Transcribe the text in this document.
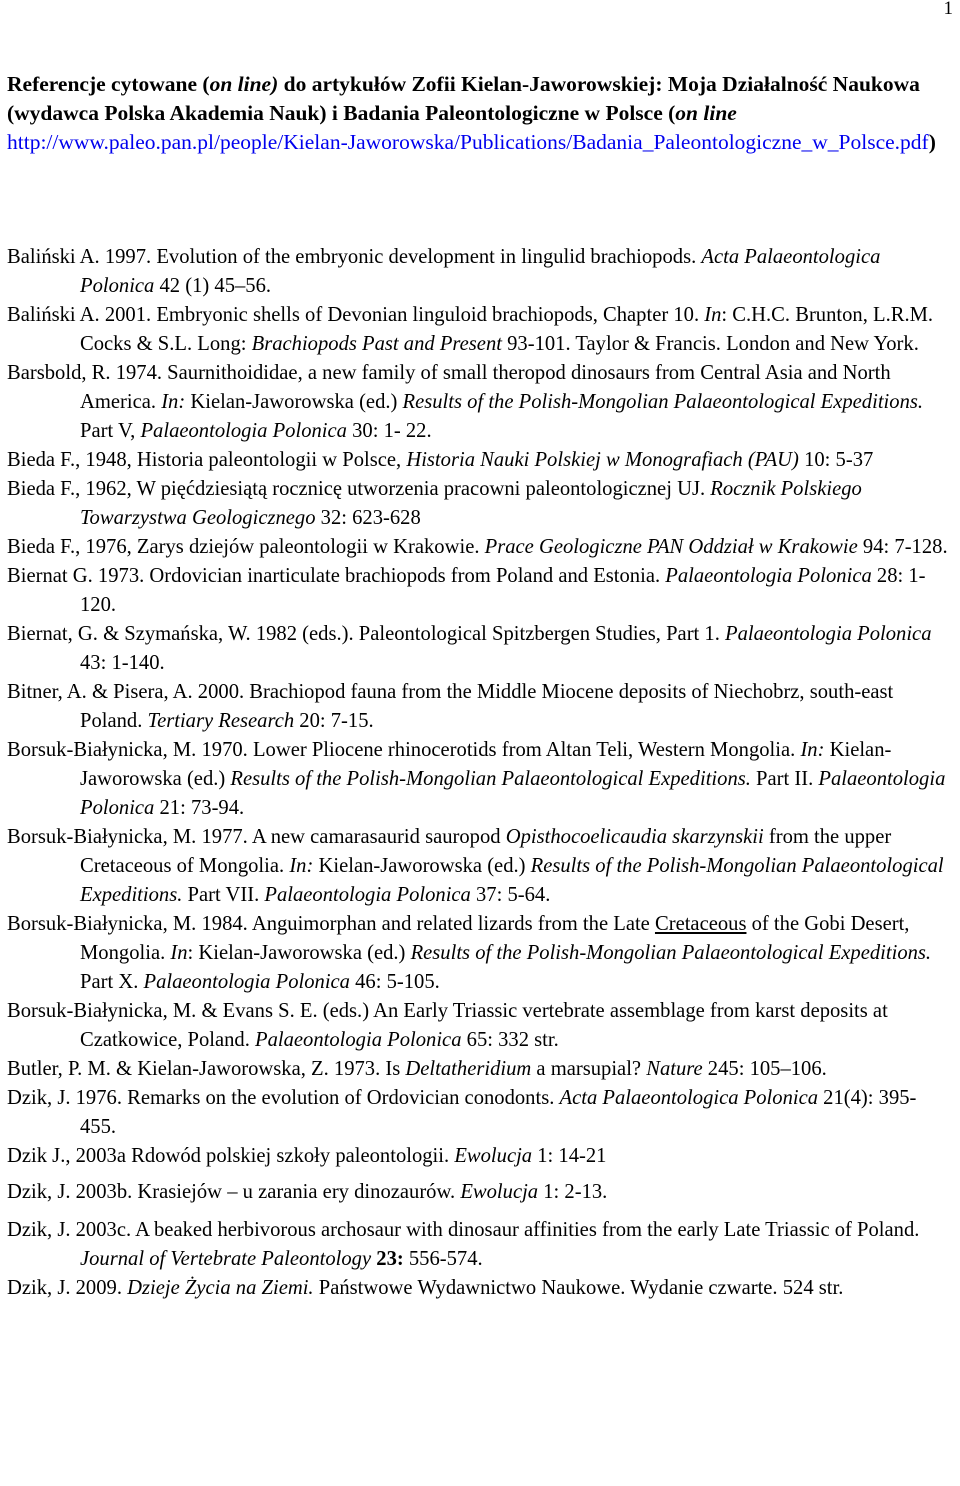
1
Referencje cytowane (on line) do artykułów Zofii Kielan-Jaworowskiej: Moja Działalność Naukowa (wydawca Polska Akademia Nauk) i Badania Paleontologiczne w Polsce (on line http://www.paleo.pan.pl/people/Kielan-Jaworowska/Publications/Badania_Paleontologiczne_w_Polsce.pdf)

Baliński A. 1997. Evolution of the embryonic development in lingulid brachiopods. Acta Palaeontologica Polonica 42 (1) 45–56.

Baliński A. 2001. Embryonic shells of Devonian linguloid brachiopods, Chapter 10. In: C.H.C. Brunton, L.R.M. Cocks & S.L. Long: Brachiopods Past and Present 93-101. Taylor & Francis. London and New York.

Barsbold, R. 1974. Saurnithoididae, a new family of small theropod dinosaurs from Central Asia and North America. In: Kielan-Jaworowska (ed.) Results of the Polish-Mongolian Palaeontological Expeditions. Part V, Palaeontologia Polonica 30: 1- 22.

Bieda F., 1948, Historia paleontologii w Polsce, Historia Nauki Polskiej w Monografiach (PAU) 10: 5-37

Bieda F., 1962, W pięćdziesiątą rocznicę utworzenia pracowni paleontologicznej UJ. Rocznik Polskiego Towarzystwa Geologicznego 32: 623-628

Bieda F., 1976, Zarys dziejów paleontologii w Krakowie. Prace Geologiczne PAN Oddział w Krakowie 94: 7-128.

Biernat G. 1973. Ordovician inarticulate brachiopods from Poland and Estonia. Palaeontologia Polonica 28: 1-120.

Biernat, G. & Szymańska, W. 1982 (eds.). Paleontological Spitzbergen Studies, Part 1. Palaeontologia Polonica 43: 1-140.

Bitner, A. & Pisera, A. 2000. Brachiopod fauna from the Middle Miocene deposits of Niechobrz, south-east Poland. Tertiary Research 20: 7-15.

Borsuk-Białynicka, M. 1970. Lower Pliocene rhinocerotids from Altan Teli, Western Mongolia. In: Kielan-Jaworowska (ed.) Results of the Polish-Mongolian Palaeontological Expeditions. Part II. Palaeontologia Polonica 21: 73-94.

Borsuk-Białynicka, M. 1977. A new camarasaurid sauropod Opisthocoelicaudia skarzynskii from the upper Cretaceous of Mongolia. In: Kielan-Jaworowska (ed.) Results of the Polish-Mongolian Palaeontological Expeditions. Part VII. Palaeontologia Polonica 37: 5-64.

Borsuk-Białynicka, M. 1984. Anguimorphan and related lizards from the Late Cretaceous of the Gobi Desert, Mongolia. In: Kielan-Jaworowska (ed.) Results of the Polish-Mongolian Palaeontological Expeditions. Part X. Palaeontologia Polonica 46: 5-105.

Borsuk-Białynicka, M. & Evans S. E. (eds.) An Early Triassic vertebrate assemblage from karst deposits at Czatkowice, Poland. Palaeontologia Polonica 65: 332 str.

Butler, P. M. & Kielan-Jaworowska, Z. 1973. Is Deltatheridium a marsupial? Nature 245: 105–106.

Dzik, J. 1976. Remarks on the evolution of Ordovician conodonts. Acta Palaeontologica Polonica 21(4): 395-455.

Dzik J., 2003a Rdowód polskiej szkoły paleontologii. Ewolucja 1: 14-21

Dzik, J. 2003b. Krasiejów – u zarania ery dinozaurów. Ewolucja 1: 2-13.

Dzik, J. 2003c. A beaked herbivorous archosaur with dinosaur affinities from the early Late Triassic of Poland. Journal of Vertebrate Paleontology 23: 556-574.

Dzik, J. 2009. Dzieje Życia na Ziemi. Państwowe Wydawnictwo Naukowe. Wydanie czwarte. 524 str.
